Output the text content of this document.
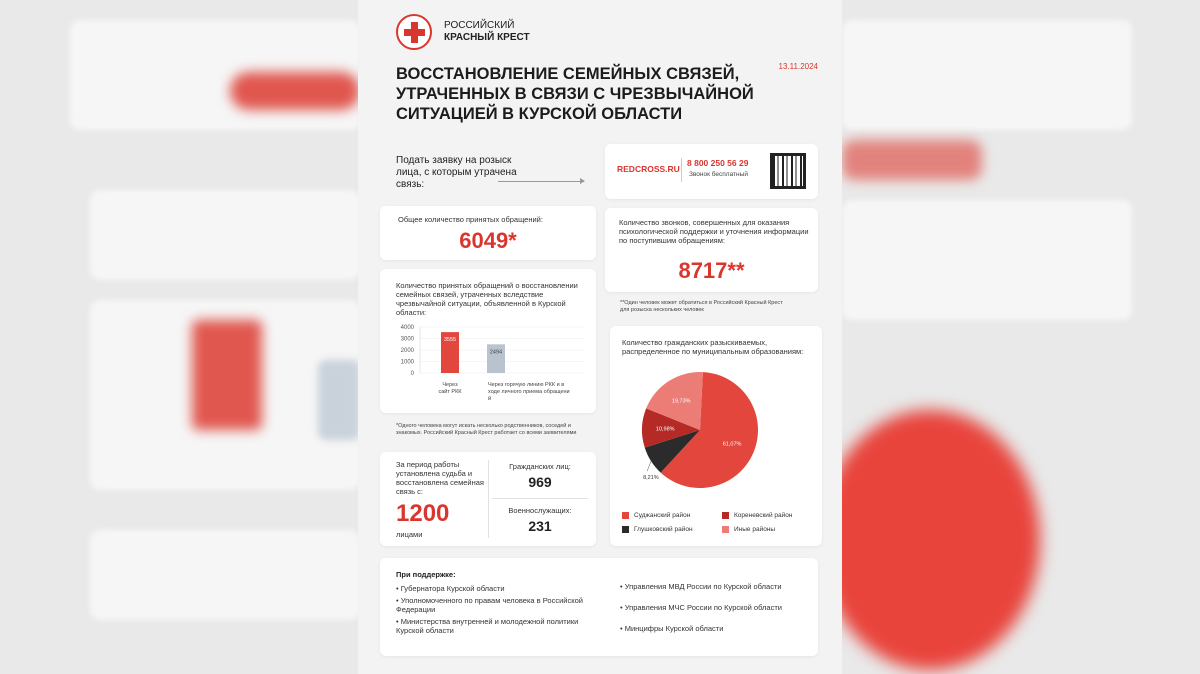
РОССИЙСКИЙ
КРАСНЫЙ КРЕСТ
13.11.2024
ВОССТАНОВЛЕНИЕ СЕМЕЙНЫХ СВЯЗЕЙ, УТРАЧЕННЫХ В СВЯЗИ С ЧРЕЗВЫЧАЙНОЙ СИТУАЦИЕЙ В КУРСКОЙ ОБЛАСТИ
Подать заявку на розыск лица, с которым утрачена связь:
REDCROSS.RU
8 800 250 56 29
Звонок бесплатный
Общее количество принятых обращений:
6049*
Количество звонков, совершенных для оказания психологической поддержки и уточнения информации по поступившим обращениям:
8717**
**Один человек может обратиться в Российский Красный Крест для розыска нескольких человек
Количество принятых обращений о восстановлении семейных связей, утраченных вследствие чрезвычайной ситуации, объявленной в Курской области:
0
1000
2000
3000
4000
3555
2494
Через
сайт РКК
Через горячую линию РКК и в
ходе личного приема обращени
й
*Одного человека могут искать несколько родственников, соседей и знакомых. Российский Красный Крест работает со всеми заявителями
Количество гражданских разыскиваемых, распределенное по муниципальным образованиям:
61,07%
8,21%
10,98%
19,73%
Суджанский район	Кореневский район
Глушковский район	Иные районы
За период работы установлена судьба и восстановлена семейная связь с:
1200
лицами
Гражданских лиц:
969
Военнослужащих:
231
При поддержке:
• Губернатора Курской области
• Уполномоченного по правам человека в Российской Федерации
• Министерства внутренней и молодежной политики Курской области
• Управления МВД России по Курской области
• Управления МЧС России по Курской области
• Минцифры Курской области
